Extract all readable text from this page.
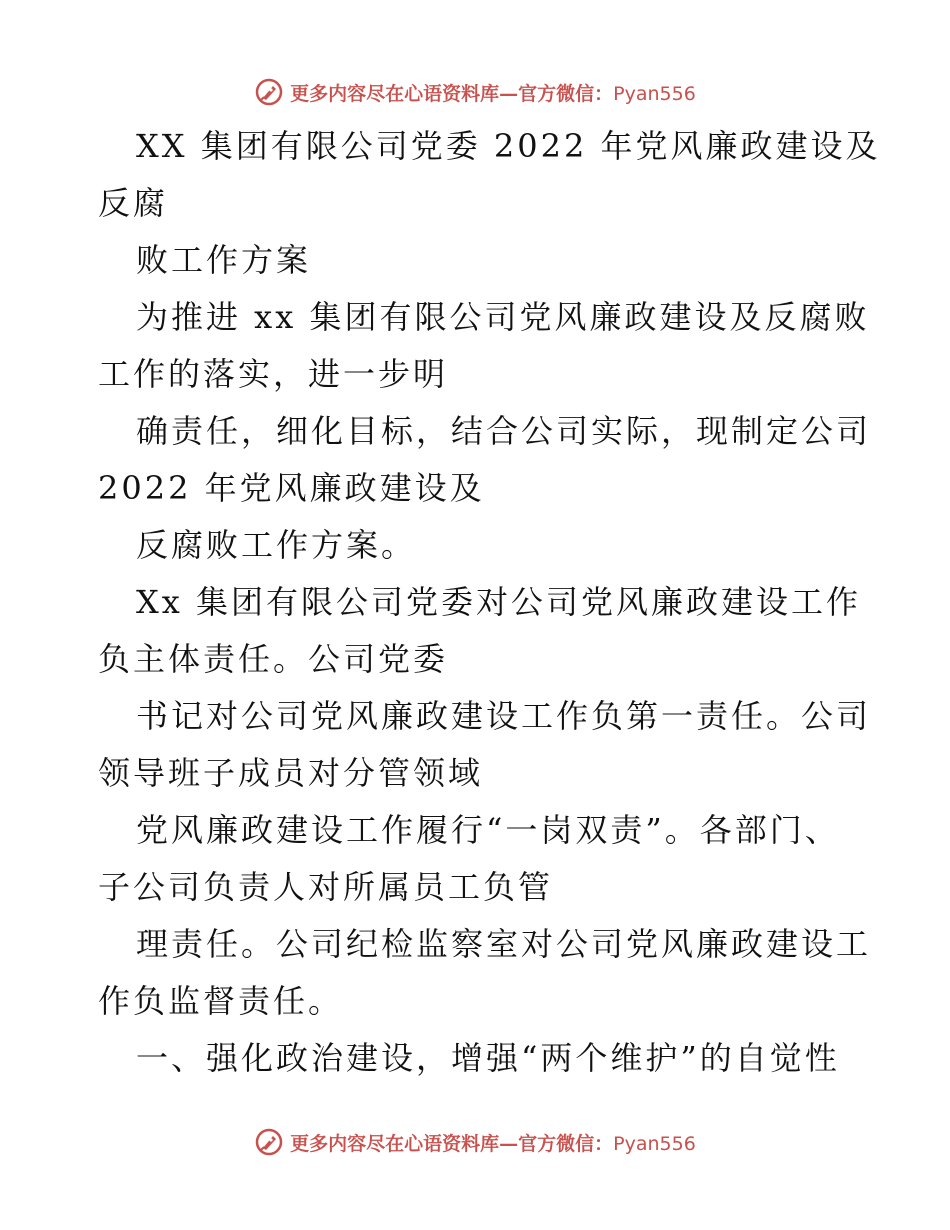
更多内容尽在心语资料库—官方微信：Pyan556
XX 集团有限公司党委 2022 年党风廉政建设及
反腐
败工作方案
为推进 xx 集团有限公司党风廉政建设及反腐败
工作的落实，进一步明
确责任，细化目标，结合公司实际，现制定公司
2022 年党风廉政建设及
反腐败工作方案。
Xx 集团有限公司党委对公司党风廉政建设工作
负主体责任。公司党委
书记对公司党风廉政建设工作负第一责任。公司
领导班子成员对分管领域
党风廉政建设工作履行“一岗双责”。各部门、
子公司负责人对所属员工负管
理责任。公司纪检监察室对公司党风廉政建设工
作负监督责任。
一、强化政治建设，增强“两个维护”的自觉性
更多内容尽在心语资料库—官方微信：Pyan556
